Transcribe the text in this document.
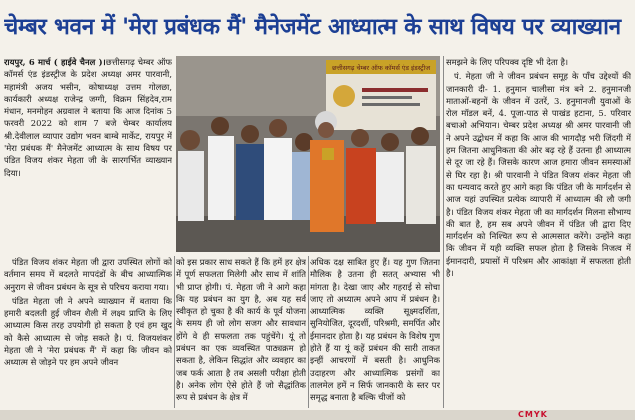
चेम्बर भवन में 'मेरा प्रबंधक मैं' मैनेजमेंट आध्यात्म के साथ विषय पर व्याख्यान

रायपुर, 6 मार्च ( हाईवे चैनल )।छत्तीसगढ़ चेम्बर ऑफ कॉमर्स एंड इंडस्ट्रीज के प्रदेश अध्यक्ष अमर पारवानी, महामंत्री अजय भसीन, कोषाध्यक्ष उत्तम गोलछा, कार्यकारी अध्यक्ष राजेन्द्र जग्गी, विक्रम सिंहदेव,राम मंधान, मनमोहन अग्रवाल ने बताया कि आज दिनांक 5 फरवरी 2022 को शाम 7 बजे चेम्बर कार्यालय श्री.देवीलाल व्यापार उद्योग भवन बाम्बे मार्केट, रायपुर में 'मेरा प्रबंधक मैं' मैनेजमेंट आध्यात्म के साथ विषय पर पंडित विजय शंकर मेहता जी के सारगर्भित व्याख्यान दिया।

पंडित विजय शंकर मेहता जी द्वारा उपस्थित लोगों को वर्तमान समय में बदलते मापदंडों के बीच आध्यात्मिक अनुराग से जीवन प्रबंधन के सूत्र से परिचय कराया गया।

पंडित मेहता जी ने अपने व्याख्यान में बताया कि हमारी बदलती हुई जीवन शैली में लक्ष्य प्राप्ति के लिए आध्यात्म किस तरह उपयोगी हो सकता है एवं हम खुद को कैसे आध्यात्म से जोड़ सकते है। पं. विजयशंकर मेहता जी ने 'मेरा प्रबंधक मैं' में कहा कि जीवन को अध्यात्म से जोड़ने पर हम अपने जीवन

को इस प्रकार साध सकते हैं कि हमें हर क्षेत्र में पूर्ण सफलता मिलेगी और साथ में शांति भी प्राप्त होगी। पं. मेहता जी ने आगे कहा कि यह प्रबंधन का युग है, अब यह सर्व स्वीकृत हो चुका है की कार्य के पूर्व योजना के समय ही जो लोग सजग और सावधान होंगे वे ही सफलता तक पहुंचेंगे। यूं तो प्रबंधन का एक व्यवस्थित पाठ्यक्रम हो सकता है, लेकिन सिद्धांत और व्यवहार का जब फर्क आता है तब असली परीक्षा होती है। अनेक लोग ऐसे होते हैं जो सैद्धांतिक रूप से प्रबंधन के क्षेत्र में

अधिक दक्ष साबित हुए हैं। यह गुण जितना मौलिक है उतना ही सतत् अभ्यास भी मांगता है। देखा जाए और गहराई से सोचा जाए तो अध्यात्म अपने आप में प्रबंधन है। आध्यात्मिक व्यक्ति सूक्ष्मदर्शिता, सुनियोजित, दूरदर्शी, परिश्रमी, समर्पित और ईमानदार होता है। यह प्रबंधन के विशेष गुण होते हैं या यूं कहें प्रबंधन की सारी ताकत इन्हीं आचरणों में बसती है। आधुनिक उदाहरण और आध्यात्मिक प्रसंगों का तालमेल हमें न सिर्फ जानकारी के स्तर पर समृद्ध बनाता है बल्कि चीजों को

समझने के लिए परिपक्व दृष्टि भी देता है।

पं. मेहता जी ने जीवन प्रबंधन समूह के पाँच उद्देश्यों की जानकारी दी- 1. हनुमान चालीसा मंत्र बने 2. हनुमानजी माताओं-बहनों के जीवन में उतरें, 3. हनुमानजी युवाओं के रोल मॉडल बनें, 4. पूजा-पाठ से पाखंड हटाना, 5. परिवार बचाओ अभियान। चेम्बर प्रदेश अध्यक्ष श्री अमर पारवानी जी ने अपने उद्बोधन में कहा कि आज की भागदौड़ भरी जिंदगी में हम जितना आधुनिकता की ओर बढ़ रहे हैं उतना ही आध्यात्म से दूर जा रहे हैं। जिसके कारण आज हमारा जीवन समस्याओं से घिर रहा है। श्री पारवानी ने पंडित विजय शंकर मेहता जी का धन्यवाद करते हुए आगे कहा कि पंडित जी के मार्गदर्शन से आज यहां उपस्थित प्रत्येक व्यापारी में आध्यात्म की लौ जगी है। पंडित विजय शंकर मेहता जी का मार्गदर्शन मिलना सौभाग्य की बात है, हम सब अपने जीवन में पंडित जी द्वारा दिए मार्गदर्शन को निश्चित रूप से आत्मसात करेंगे। उन्होंने कहा कि जीवन में यही व्यक्ति सफल होता है जिसके निजत्व में ईमानदारी, प्रयासों में परिश्रम और आकांक्षा में सफलता होती है।

छत्तीसगढ़ चेम्बर ऑफ कॉमर्स एंड इंडस्ट्रीज
CMYK
